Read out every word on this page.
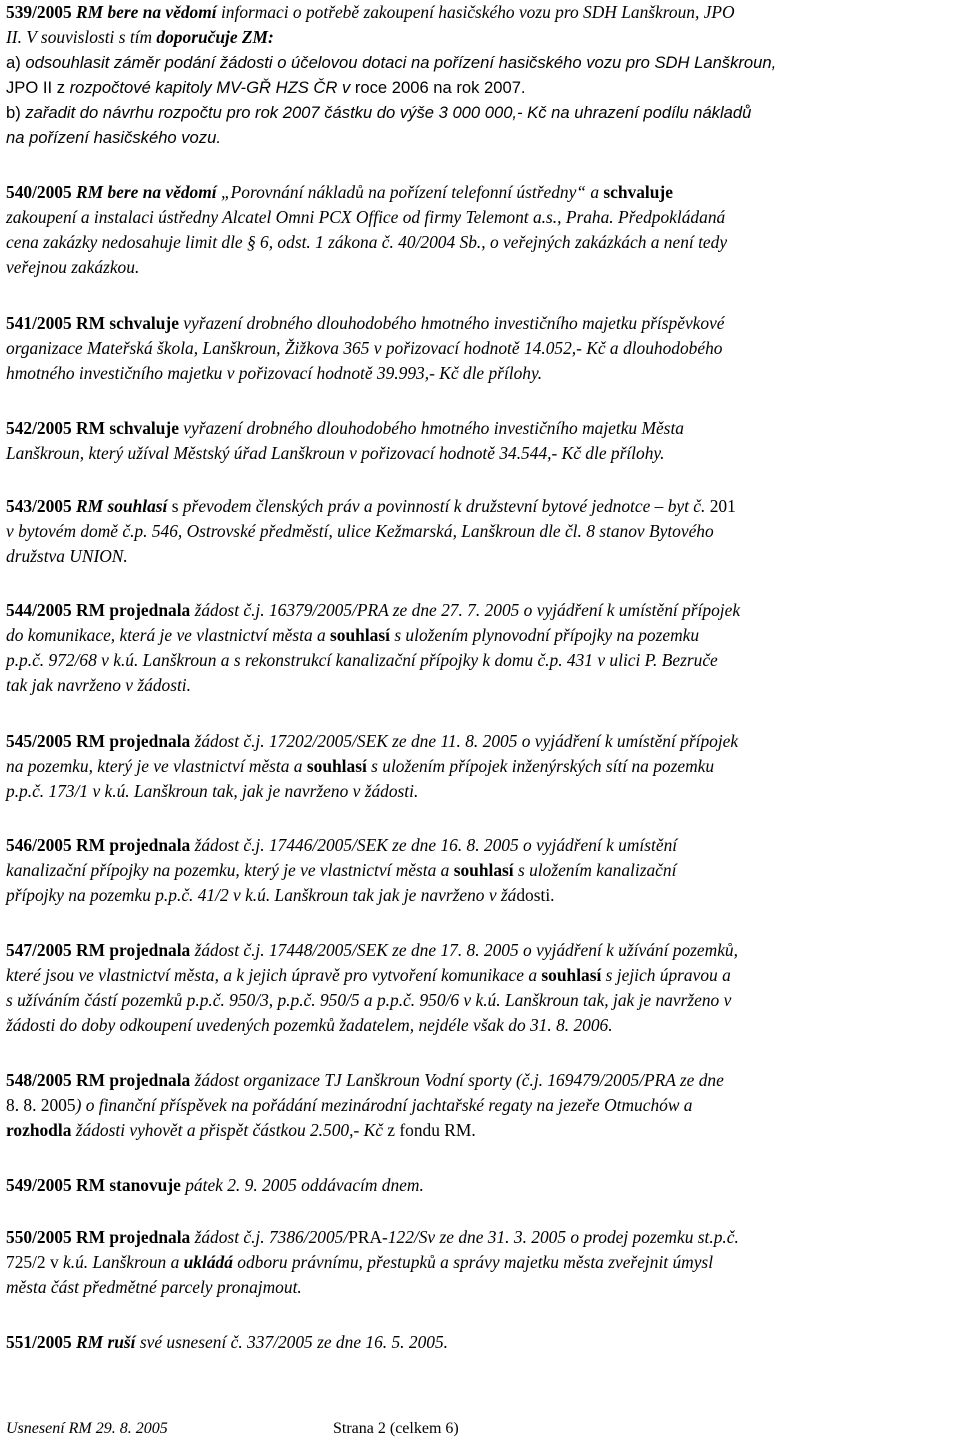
539/2005 RM bere na vědomí informaci o potřebě zakoupení hasičského vozu pro SDH Lanškroun, JPO
II. V souvislosti s tím doporučuje ZM:
a) odsouhlasit záměr podání žádosti o účelovou dotaci na pořízení hasičského vozu pro SDH Lanškroun,
JPO II z rozpočtové kapitoly MV-GŘ HZS ČR v roce 2006 na rok 2007.
b) zařadit do návrhu rozpočtu pro rok 2007 částku do výše 3 000 000,- Kč na uhrazení podílu nákladů
na pořízení hasičského vozu.
540/2005 RM bere na vědomí „Porovnání nákladů na pořízení telefonní ústředny“ a schvaluje
zakoupení a instalaci ústředny Alcatel Omni PCX Office od firmy Telemont a.s., Praha. Předpokládaná
cena zakázky nedosahuje limit dle § 6, odst. 1 zákona č. 40/2004 Sb., o veřejných zakázkách a není tedy
veřejnou zakázkou.
541/2005 RM schvaluje vyřazení drobného dlouhodobého hmotného investičního majetku příspěvkové
organizace Mateřská škola, Lanškroun, Žižkova 365 v pořizovací hodnotě 14.052,- Kč a dlouhodobého
hmotného investičního majetku v pořizovací hodnotě 39.993,- Kč dle přílohy.
542/2005 RM schvaluje vyřazení drobného dlouhodobého hmotného investičního majetku Města
Lanškroun, který užíval Městský úřad Lanškroun v pořizovací hodnotě 34.544,- Kč dle přílohy.
543/2005 RM souhlasí s převodem členských práv a povinností k družstevní bytové jednotce – byt č. 201
v bytovém domě č.p. 546, Ostrovské předměstí, ulice Kežmarská, Lanškroun dle čl. 8 stanov Bytového
družstva UNION.
544/2005 RM projednala žádost č.j. 16379/2005/PRA ze dne 27. 7. 2005 o vyjádření k umístění přípojek
do komunikace, která je ve vlastnictví města a souhlasí s uložením plynovodní přípojky na pozemku
p.p.č. 972/68 v k.ú. Lanškroun a s rekonstrukcí kanalizační přípojky k domu č.p. 431 v ulici P. Bezruče
tak jak navrženo v žádosti.
545/2005 RM projednala žádost č.j. 17202/2005/SEK ze dne 11. 8. 2005 o vyjádření k umístění přípojek
na pozemku, který je ve vlastnictví města a souhlasí s uložením přípojek inženýrských sítí na pozemku
p.p.č. 173/1 v k.ú. Lanškroun tak, jak je navrženo v žádosti.
546/2005 RM projednala žádost č.j. 17446/2005/SEK ze dne 16. 8. 2005 o vyjádření k umístění
kanalizační přípojky na pozemku, který je ve vlastnictví města a souhlasí s uložením kanalizační
přípojky na pozemku p.p.č. 41/2 v k.ú. Lanškroun tak jak je navrženo v žádosti.
547/2005 RM projednala žádost č.j. 17448/2005/SEK ze dne 17. 8. 2005 o vyjádření k užívání pozemků,
které jsou ve vlastnictví města, a k jejich úpravě pro vytvoření komunikace a souhlasí s jejich úpravou a
s užíváním částí pozemků p.p.č. 950/3, p.p.č. 950/5 a p.p.č. 950/6 v k.ú. Lanškroun tak, jak je navrženo v
žádosti do doby odkoupení uvedených pozemků žadatelem, nejdéle však do 31. 8. 2006.
548/2005 RM projednala žádost organizace TJ Lanškroun Vodní sporty (č.j. 169479/2005/PRA ze dne
8. 8. 2005) o finanční příspěvek na pořádání mezinárodní jachtařské regaty na jezeře Otmuchów a
rozhodla žádosti vyhovět a přispět částkou 2.500,- Kč z fondu RM.
549/2005 RM stanovuje pátek 2. 9. 2005 oddávacím dnem.
550/2005 RM projednala žádost č.j. 7386/2005/PRA-122/Sv ze dne 31. 3. 2005 o prodej pozemku st.p.č.
725/2 v k.ú. Lanškroun a ukládá odboru právnímu, přestupků a správy majetku města zveřejnit úmysl
města část předmětné parcely pronajmout.
551/2005 RM ruší své usnesení č. 337/2005 ze dne 16. 5. 2005.
Usnesení RM 29. 8. 2005	Strana 2 (celkem 6)
